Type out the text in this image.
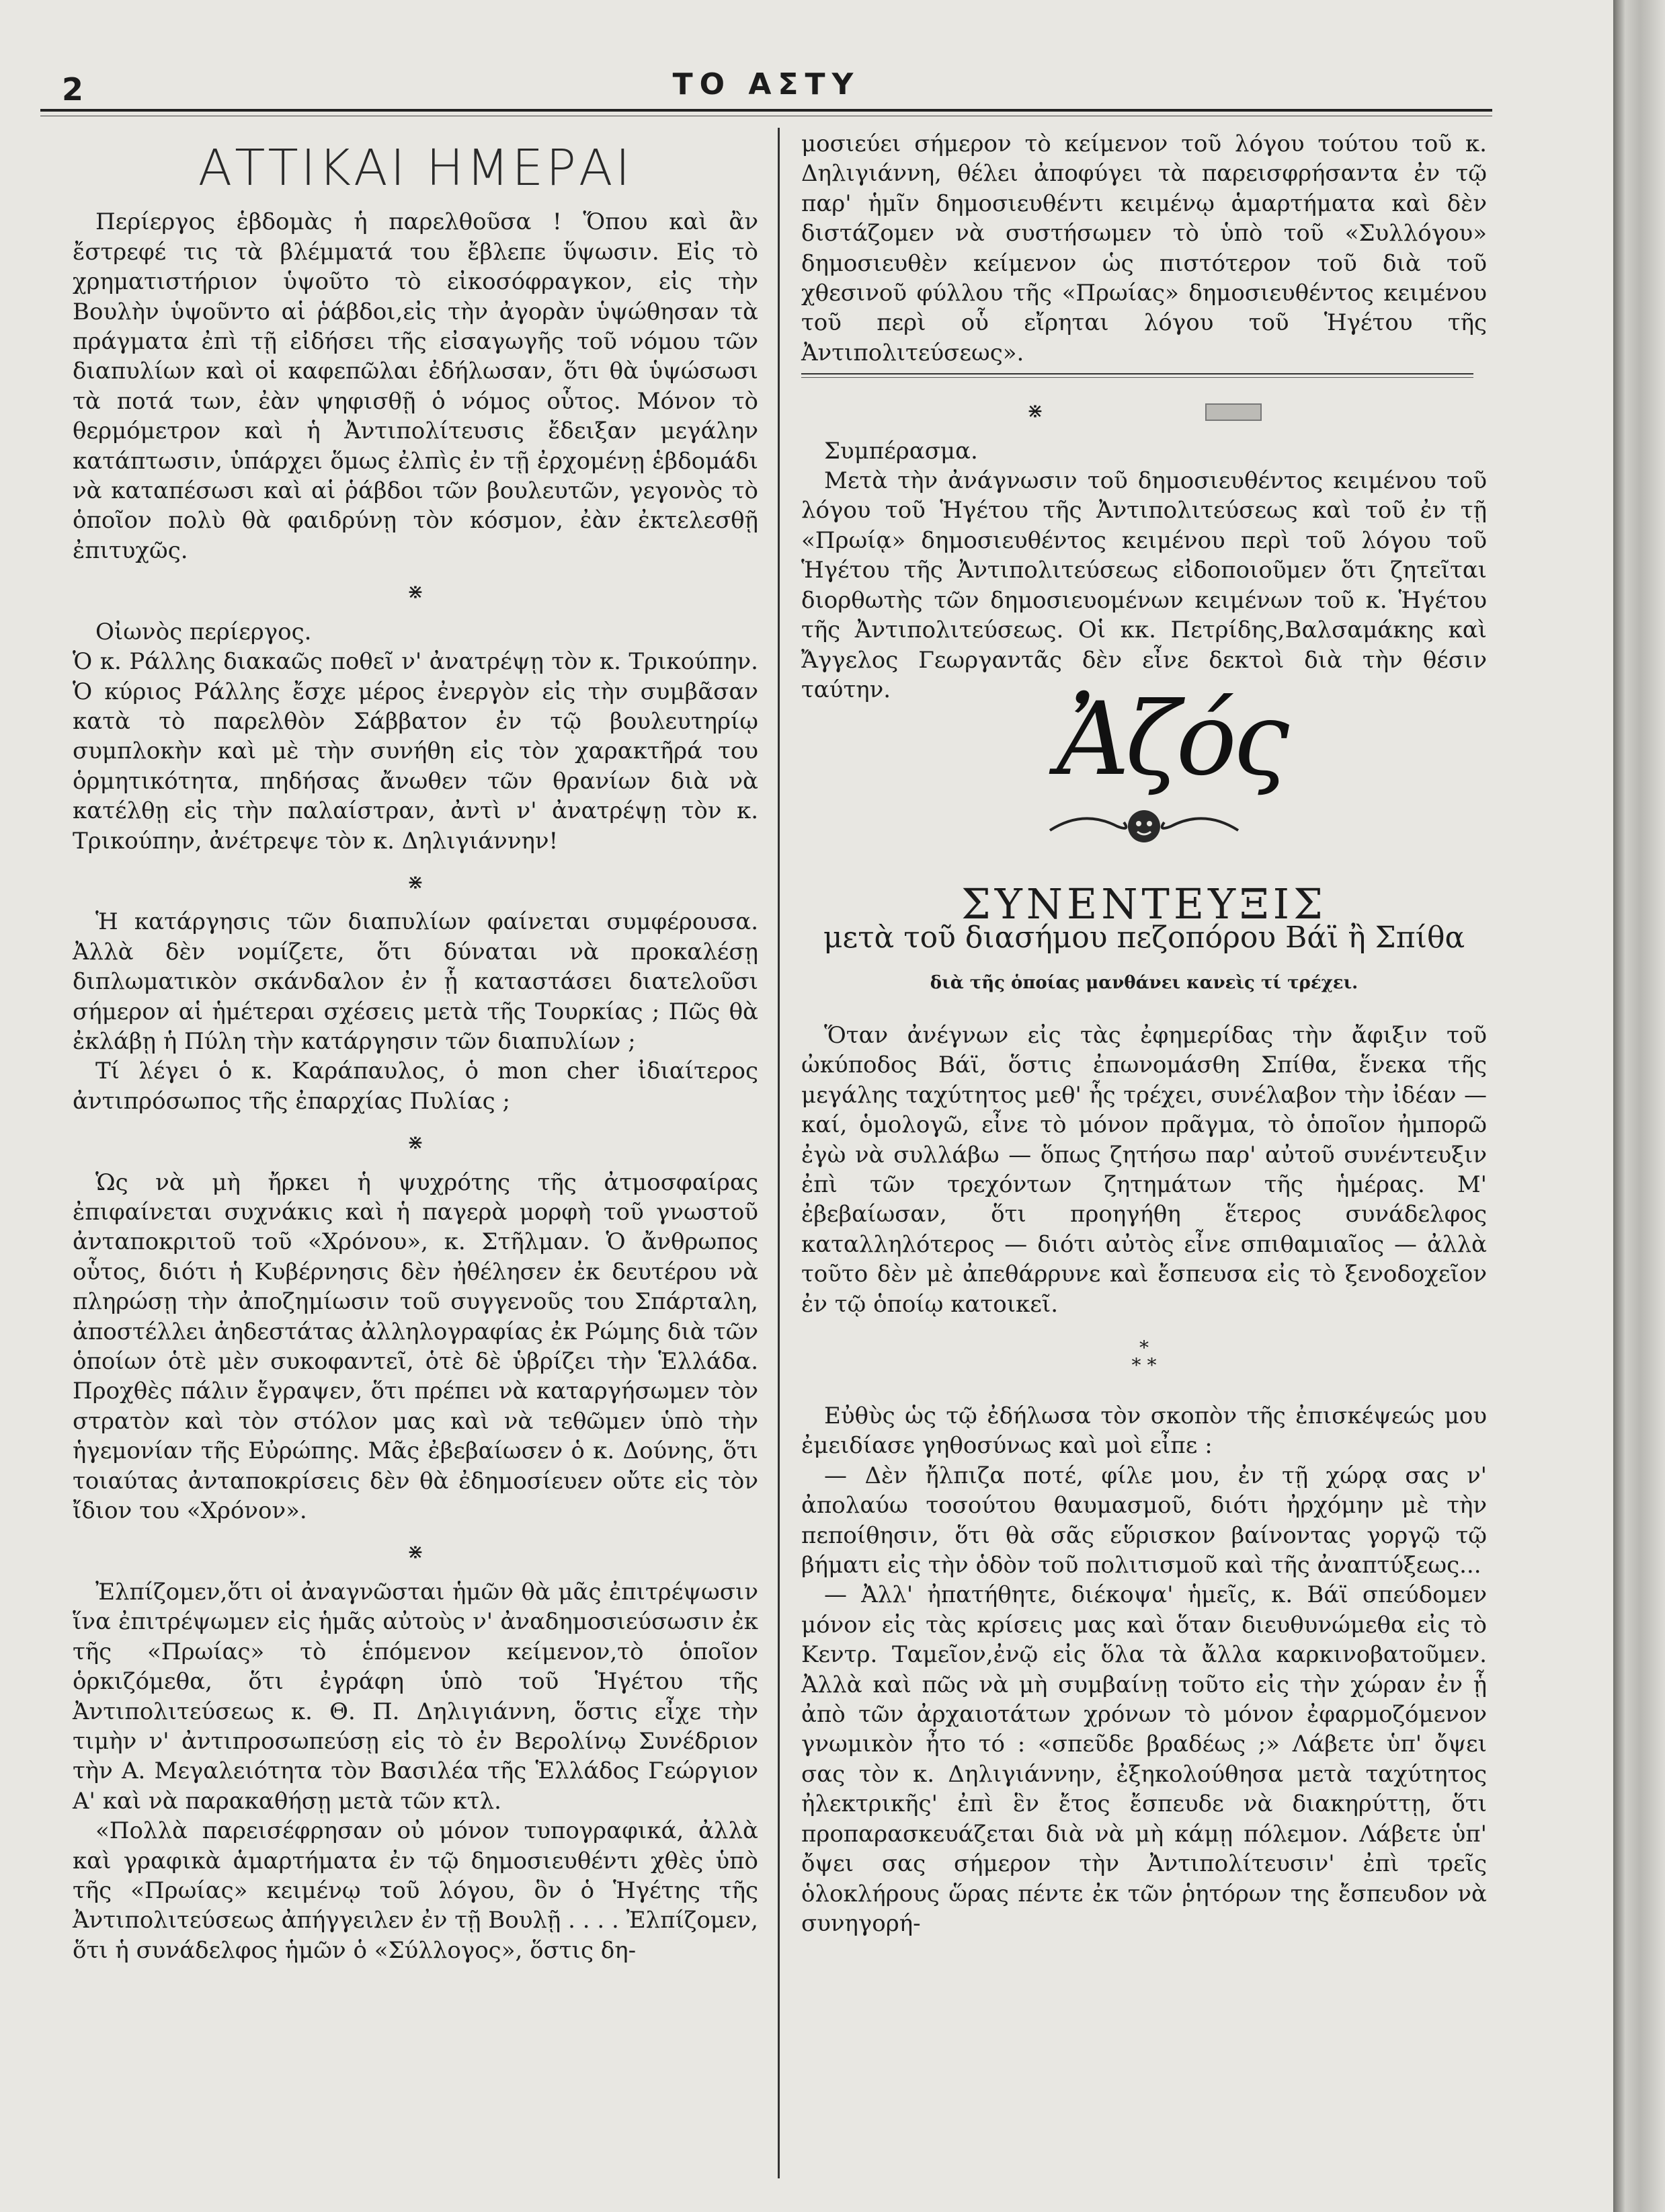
2	ΤΟ ΑΣΤΥ
ΑΤΤΙΚΑΙ ΗΜΕΡΑΙ

Περίεργος ἑβδομὰς ἡ παρελθοῦσα ! Ὅπου καὶ ἂν ἔστρεφέ τις τὰ βλέμματά του ἔβλεπε ὕψωσιν. Εἰς τὸ χρηματιστήριον ὑψοῦτο τὸ εἰκοσόφραγκον, εἰς τὴν Βουλὴν ὑψοῦντο αἱ ῥάβδοι,εἰς τὴν ἀγορὰν ὑψώθησαν τὰ πράγματα ἐπὶ τῇ εἰδήσει τῆς εἰσαγωγῆς τοῦ νόμου τῶν διαπυλίων καὶ οἱ καφεπῶλαι ἐδήλωσαν, ὅτι θὰ ὑψώσωσι τὰ ποτά των, ἐὰν ψηφισθῇ ὁ νόμος οὗτος. Μόνον τὸ θερμόμετρον καὶ ἡ Ἀντιπολίτευσις ἔδειξαν μεγάλην κατάπτωσιν, ὑπάρχει ὅμως ἐλπὶς ἐν τῇ ἐρχομένῃ ἑβδομάδι νὰ καταπέσωσι καὶ αἱ ῥάβδοι τῶν βουλευτῶν, γεγονὸς τὸ ὁποῖον πολὺ θὰ φαιδρύνῃ τὸν κόσμον, ἐὰν ἐκτελεσθῇ ἐπιτυχῶς.

⋇

Οἰωνὸς περίεργος.

Ὁ κ. Ράλλης διακαῶς ποθεῖ ν' ἀνατρέψῃ τὸν κ. Τρικούπην. Ὁ κύριος Ράλλης ἔσχε μέρος ἐνεργὸν εἰς τὴν συμβᾶσαν κατὰ τὸ παρελθὸν Σάββατον ἐν τῷ βουλευτηρίῳ συμπλοκὴν καὶ μὲ τὴν συνήθη εἰς τὸν χαρακτῆρά του ὁρμητικότητα, πηδήσας ἄνωθεν τῶν θρανίων διὰ νὰ κατέλθῃ εἰς τὴν παλαίστραν, ἀντὶ ν' ἀνατρέψῃ τὸν κ. Τρικούπην, ἀνέτρεψε τὸν κ. Δηλιγιάννην!

⋇

Ἡ κατάργησις τῶν διαπυλίων φαίνεται συμφέρουσα. Ἀλλὰ δὲν νομίζετε, ὅτι δύναται νὰ προκαλέσῃ διπλωματικὸν σκάνδαλον ἐν ᾗ καταστάσει διατελοῦσι σήμερον αἱ ἡμέτεραι σχέσεις μετὰ τῆς Τουρκίας ; Πῶς θὰ ἐκλάβῃ ἡ Πύλη τὴν κατάργησιν τῶν διαπυλίων ;

Τί λέγει ὁ κ. Καράπαυλος, ὁ mon cher ἰδιαίτερος ἀντιπρόσωπος τῆς ἐπαρχίας Πυλίας ;

⋇

Ὡς νὰ μὴ ἤρκει ἡ ψυχρότης τῆς ἀτμοσφαίρας ἐπιφαίνεται συχνάκις καὶ ἡ παγερὰ μορφὴ τοῦ γνωστοῦ ἀνταποκριτοῦ τοῦ «Χρόνου», κ. Στῆλμαν. Ὁ ἄνθρωπος οὗτος, διότι ἡ Κυβέρνησις δὲν ἠθέλησεν ἐκ δευτέρου νὰ πληρώσῃ τὴν ἀποζημίωσιν τοῦ συγγενοῦς του Σπάρταλη, ἀποστέλλει ἀηδεστάτας ἀλληλογραφίας ἐκ Ρώμης διὰ τῶν ὁποίων ὁτὲ μὲν συκοφαντεῖ, ὁτὲ δὲ ὑβρίζει τὴν Ἑλλάδα. Προχθὲς πάλιν ἔγραψεν, ὅτι πρέπει νὰ καταργήσωμεν τὸν στρατὸν καὶ τὸν στόλον μας καὶ νὰ τεθῶμεν ὑπὸ τὴν ἡγεμονίαν τῆς Εὐρώπης. Μᾶς ἐβεβαίωσεν ὁ κ. Δούνης, ὅτι τοιαύτας ἀνταποκρίσεις δὲν θὰ ἐδημοσίευεν οὔτε εἰς τὸν ἴδιον του «Χρόνον».

⋇

Ἐλπίζομεν,ὅτι οἱ ἀναγνῶσται ἡμῶν θὰ μᾶς ἐπιτρέψωσιν ἵνα ἐπιτρέψωμεν εἰς ἡμᾶς αὐτοὺς ν' ἀναδημοσιεύσωσιν ἐκ τῆς «Πρωίας» τὸ ἑπόμενον κείμενον,τὸ ὁποῖον ὁρκιζόμεθα, ὅτι ἐγράφη ὑπὸ τοῦ Ἡγέτου τῆς Ἀντιπολιτεύσεως κ. Θ. Π. Δηλιγιάννη, ὅστις εἶχε τὴν τιμὴν ν' ἀντιπροσωπεύσῃ εἰς τὸ ἐν Βερολίνῳ Συνέδριον τὴν Α. Μεγαλειότητα τὸν Βασιλέα τῆς Ἑλλάδος Γεώργιον Α' καὶ νὰ παρακαθήσῃ μετὰ τῶν κτλ.

«Πολλὰ παρεισέφρησαν οὐ μόνον τυπογραφικά, ἀλλὰ καὶ γραφικὰ ἁμαρτήματα ἐν τῷ δημοσιευθέντι χθὲς ὑπὸ τῆς «Πρωίας» κειμένῳ τοῦ λόγου, ὃν ὁ Ἡγέτης τῆς Ἀντιπολιτεύσεως ἀπήγγειλεν ἐν τῇ Βουλῇ . . . . Ἐλπίζομεν, ὅτι ἡ συνάδελφος ἡμῶν ὁ «Σύλλογος», ὅστις δη-

μοσιεύει σήμερον τὸ κείμενον τοῦ λόγου τούτου τοῦ κ. Δηλιγιάννη, θέλει ἀποφύγει τὰ παρεισφρήσαντα ἐν τῷ παρ' ἡμῖν δημοσιευθέντι κειμένῳ ἁμαρτήματα καὶ δὲν διστάζομεν νὰ συστήσωμεν τὸ ὑπὸ τοῦ «Συλλόγου» δημοσιευθὲν κείμενον ὡς πιστότερον τοῦ διὰ τοῦ χθεσινοῦ φύλλου τῆς «Πρωίας» δημοσιευθέντος κειμένου τοῦ περὶ οὗ εἴρηται λόγου τοῦ Ἡγέτου τῆς Ἀντιπολιτεύσεως».

⋇

Συμπέρασμα.

Μετὰ τὴν ἀνάγνωσιν τοῦ δημοσιευθέντος κειμένου τοῦ λόγου τοῦ Ἡγέτου τῆς Ἀντιπολιτεύσεως καὶ τοῦ ἐν τῇ «Πρωίᾳ» δημοσιευθέντος κειμένου περὶ τοῦ λόγου τοῦ Ἡγέτου τῆς Ἀντιπολιτεύσεως εἰδοποιοῦμεν ὅτι ζητεῖται διορθωτὴς τῶν δημοσιευομένων κειμένων τοῦ κ. Ἡγέτου τῆς Ἀντιπολιτεύσεως. Οἱ κκ. Πετρίδης,Βαλσαμάκης καὶ Ἄγγελος Γεωργαντᾶς δὲν εἶνε δεκτοὶ διὰ τὴν θέσιν ταύτην.	Ἀζός
ΣΥΝΕΝΤΕΥΞΙΣ
μετὰ τοῦ διασήμου πεζοπόρου Βάϊ ἢ Σπίθα
διὰ τῆς ὁποίας μανθάνει κανεὶς τί τρέχει.

Ὅταν ἀνέγνων εἰς τὰς ἐφημερίδας τὴν ἄφιξιν τοῦ ὠκύποδος Βάϊ, ὅστις ἐπωνομάσθη Σπίθα, ἕνεκα τῆς μεγάλης ταχύτητος μεθ' ἧς τρέχει, συνέλαβον τὴν ἰδέαν — καί, ὁμολογῶ, εἶνε τὸ μόνον πρᾶγμα, τὸ ὁποῖον ἠμπορῶ ἐγὼ νὰ συλλάβω — ὅπως ζητήσω παρ' αὐτοῦ συνέντευξιν ἐπὶ τῶν τρεχόντων ζητημάτων τῆς ἡμέρας. Μ' ἐβεβαίωσαν, ὅτι προηγήθη ἕτερος συνάδελφος καταλληλότερος — διότι αὐτὸς εἶνε σπιθαμιαῖος — ἀλλὰ τοῦτο δὲν μὲ ἀπεθάρρυνε καὶ ἔσπευσα εἰς τὸ ξενοδοχεῖον ἐν τῷ ὁποίῳ κατοικεῖ.

*
* *

Εὐθὺς ὡς τῷ ἐδήλωσα τὸν σκοπὸν τῆς ἐπισκέψεώς μου ἐμειδίασε γηθοσύνως καὶ μοὶ εἶπε :

— Δὲν ἤλπιζα ποτέ, φίλε μου, ἐν τῇ χώρᾳ σας ν' ἀπολαύω τοσούτου θαυμασμοῦ, διότι ἠρχόμην μὲ τὴν πεποίθησιν, ὅτι θὰ σᾶς εὕρισκον βαίνοντας γοργῷ τῷ βήματι εἰς τὴν ὁδὸν τοῦ πολιτισμοῦ καὶ τῆς ἀναπτύξεως...

— Ἀλλ' ἠπατήθητε, διέκοψα' ἡμεῖς, κ. Βάϊ σπεύδομεν μόνον εἰς τὰς κρίσεις μας καὶ ὅταν διευθυνώμεθα εἰς τὸ Κεντρ. Ταμεῖον,ἐνῷ εἰς ὅλα τὰ ἄλλα καρκινοβατοῦμεν. Ἀλλὰ καὶ πῶς νὰ μὴ συμβαίνῃ τοῦτο εἰς τὴν χώραν ἐν ᾗ ἀπὸ τῶν ἀρχαιοτάτων χρόνων τὸ μόνον ἐφαρμοζόμενον γνωμικὸν ἦτο τό : «σπεῦδε βραδέως ;» Λάβετε ὑπ' ὄψει σας τὸν κ. Δηλιγιάννην, ἐξηκολούθησα μετὰ ταχύτητος ἠλεκτρικῆς' ἐπὶ ἓν ἔτος ἔσπευδε νὰ διακηρύττῃ, ὅτι προπαρασκευάζεται διὰ νὰ μὴ κάμῃ πόλεμον. Λάβετε ὑπ' ὄψει σας σήμερον τὴν Ἀντιπολίτευσιν' ἐπὶ τρεῖς ὁλοκλήρους ὥρας πέντε ἐκ τῶν ῥητόρων της ἔσπευδον νὰ συνηγορή-
